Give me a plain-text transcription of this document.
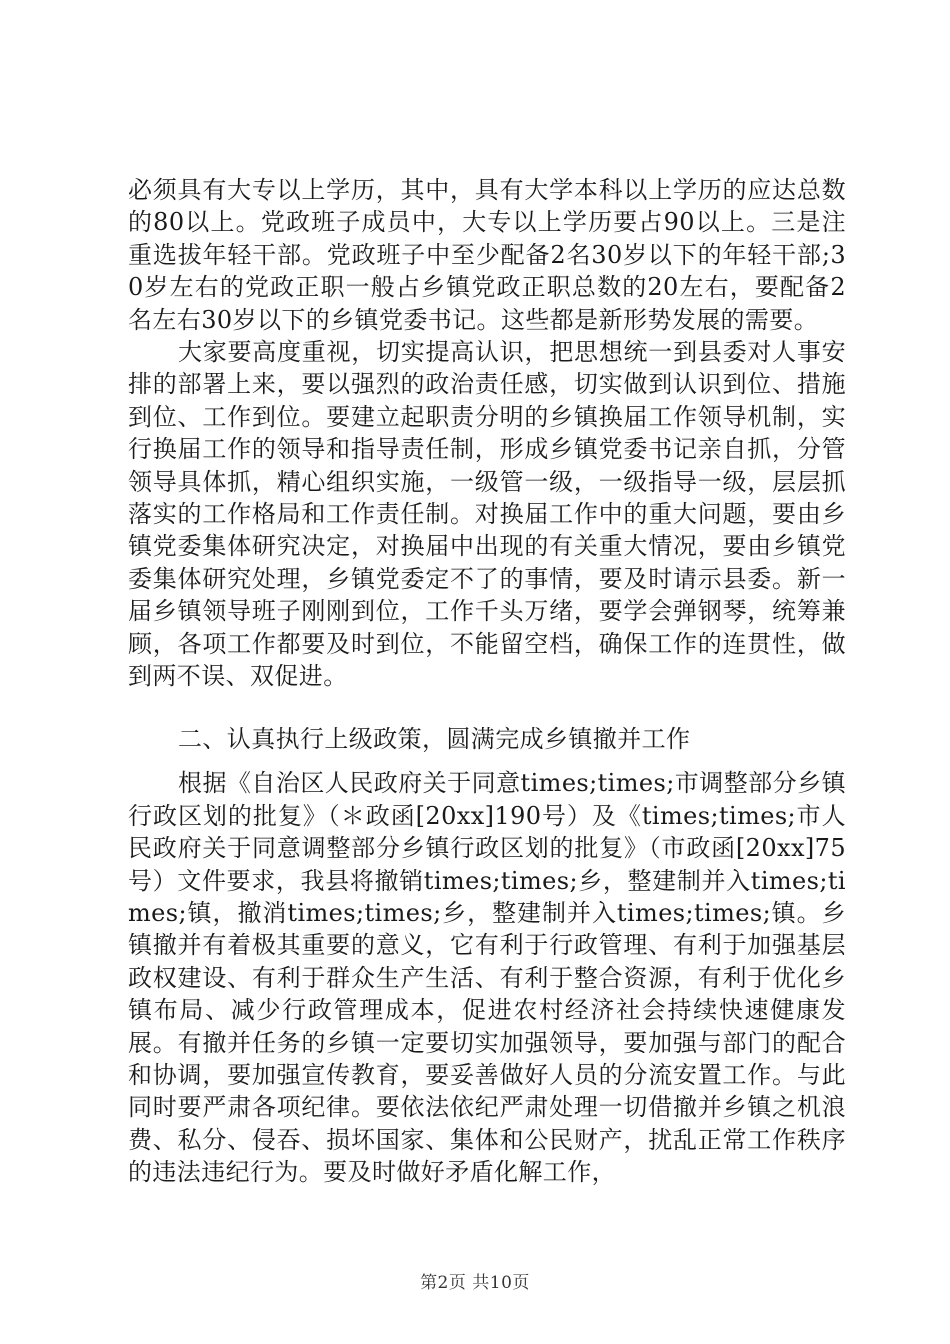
必须具有大专以上学历，其中，具有大学本科以上学历的应达总数的80以上。党政班子成员中，大专以上学历要占90以上。三是注重选拔年轻干部。党政班子中至少配备2名30岁以下的年轻干部;30岁左右的党政正职一般占乡镇党政正职总数的20左右，要配备2名左右30岁以下的乡镇党委书记。这些都是新形势发展的需要。

大家要高度重视，切实提高认识，把思想统一到县委对人事安排的部署上来，要以强烈的政治责任感，切实做到认识到位、措施到位、工作到位。要建立起职责分明的乡镇换届工作领导机制，实行换届工作的领导和指导责任制，形成乡镇党委书记亲自抓，分管领导具体抓，精心组织实施，一级管一级，一级指导一级，层层抓落实的工作格局和工作责任制。对换届工作中的重大问题，要由乡镇党委集体研究决定，对换届中出现的有关重大情况，要由乡镇党委集体研究处理，乡镇党委定不了的事情，要及时请示县委。新一届乡镇领导班子刚刚到位，工作千头万绪，要学会弹钢琴，统筹兼顾，各项工作都要及时到位，不能留空档，确保工作的连贯性，做到两不误、双促进。

二、认真执行上级政策，圆满完成乡镇撤并工作

根据《自治区人民政府关于同意times;times;市调整部分乡镇行政区划的批复》（＊政函[20xx]190号）及《times;times;市人民政府关于同意调整部分乡镇行政区划的批复》（市政函[20xx]75号）文件要求，我县将撤销times;times;乡，整建制并入times;times;镇，撤消times;times;乡，整建制并入times;times;镇。乡镇撤并有着极其重要的意义，它有利于行政管理、有利于加强基层政权建设、有利于群众生产生活、有利于整合资源，有利于优化乡镇布局、减少行政管理成本，促进农村经济社会持续快速健康发展。有撤并任务的乡镇一定要切实加强领导，要加强与部门的配合和协调，要加强宣传教育，要妥善做好人员的分流安置工作。与此同时要严肃各项纪律。要依法依纪严肃处理一切借撤并乡镇之机浪费、私分、侵吞、损坏国家、集体和公民财产，扰乱正常工作秩序的违法违纪行为。要及时做好矛盾化解工作，

第2页 共10页
